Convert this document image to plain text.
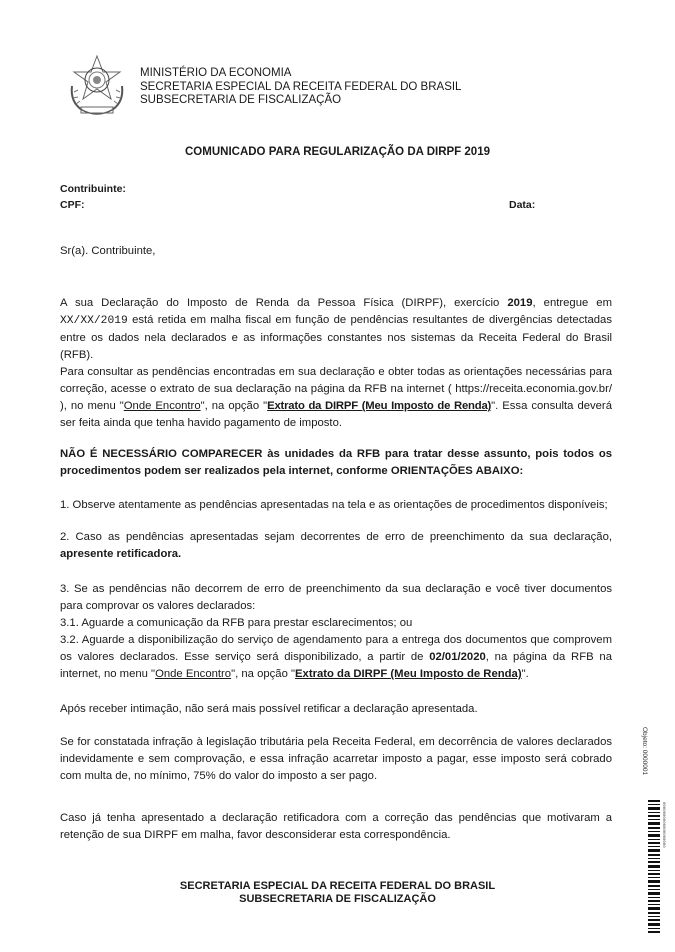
MINISTÉRIO DA ECONOMIA
SECRETARIA ESPECIAL DA RECEITA FEDERAL DO BRASIL
SUBSECRETARIA DE FISCALIZAÇÃO
COMUNICADO PARA REGULARIZAÇÃO DA DIRPF 2019
Contribuinte:
CPF:	Data:

Sr(a). Contribuinte,

A sua Declaração do Imposto de Renda da Pessoa Física (DIRPF), exercício 2019, entregue em XX/XX/2019 está retida em malha fiscal em função de pendências resultantes de divergências detectadas entre os dados nela declarados e as informações constantes nos sistemas da Receita Federal do Brasil (RFB).

Para consultar as pendências encontradas em sua declaração e obter todas as orientações necessárias para correção, acesse o extrato de sua declaração na página da RFB na internet ( https://receita.economia.gov.br/ ), no menu "Onde Encontro", na opção "Extrato da DIRPF (Meu Imposto de Renda)". Essa consulta deverá ser feita ainda que tenha havido pagamento de imposto.

NÃO É NECESSÁRIO COMPARECER às unidades da RFB para tratar desse assunto, pois todos os procedimentos podem ser realizados pela internet, conforme ORIENTAÇÕES ABAIXO:

1. Observe atentamente as pendências apresentadas na tela e as orientações de procedimentos disponíveis;

2. Caso as pendências apresentadas sejam decorrentes de erro de preenchimento da sua declaração, apresente retificadora.

3. Se as pendências não decorrem de erro de preenchimento da sua declaração e você tiver documentos para comprovar os valores declarados:

3.1. Aguarde a comunicação da RFB para prestar esclarecimentos; ou

3.2. Aguarde a disponibilização do serviço de agendamento para a entrega dos documentos que comprovem os valores declarados. Esse serviço será disponibilizado, a partir de 02/01/2020, na página da RFB na internet, no menu "Onde Encontro", na opção "Extrato da DIRPF (Meu Imposto de Renda)".

Após receber intimação, não será mais possível retificar a declaração apresentada.

Se for constatada infração à legislação tributária pela Receita Federal, em decorrência de valores declarados indevidamente e sem comprovação, e essa infração acarretar imposto a pagar, esse imposto será cobrado com multa de, no mínimo, 75% do valor do imposto a ser pago.

Caso já tenha apresentado a declaração retificadora com a correção das pendências que motivaram a retenção de sua DIRPF em malha, favor desconsiderar esta correspondência.

SECRETARIA ESPECIAL DA RECEITA FEDERAL DO BRASIL
SUBSECRETARIA DE FISCALIZAÇÃO
Objeto: 0000001
0000000000000000000
